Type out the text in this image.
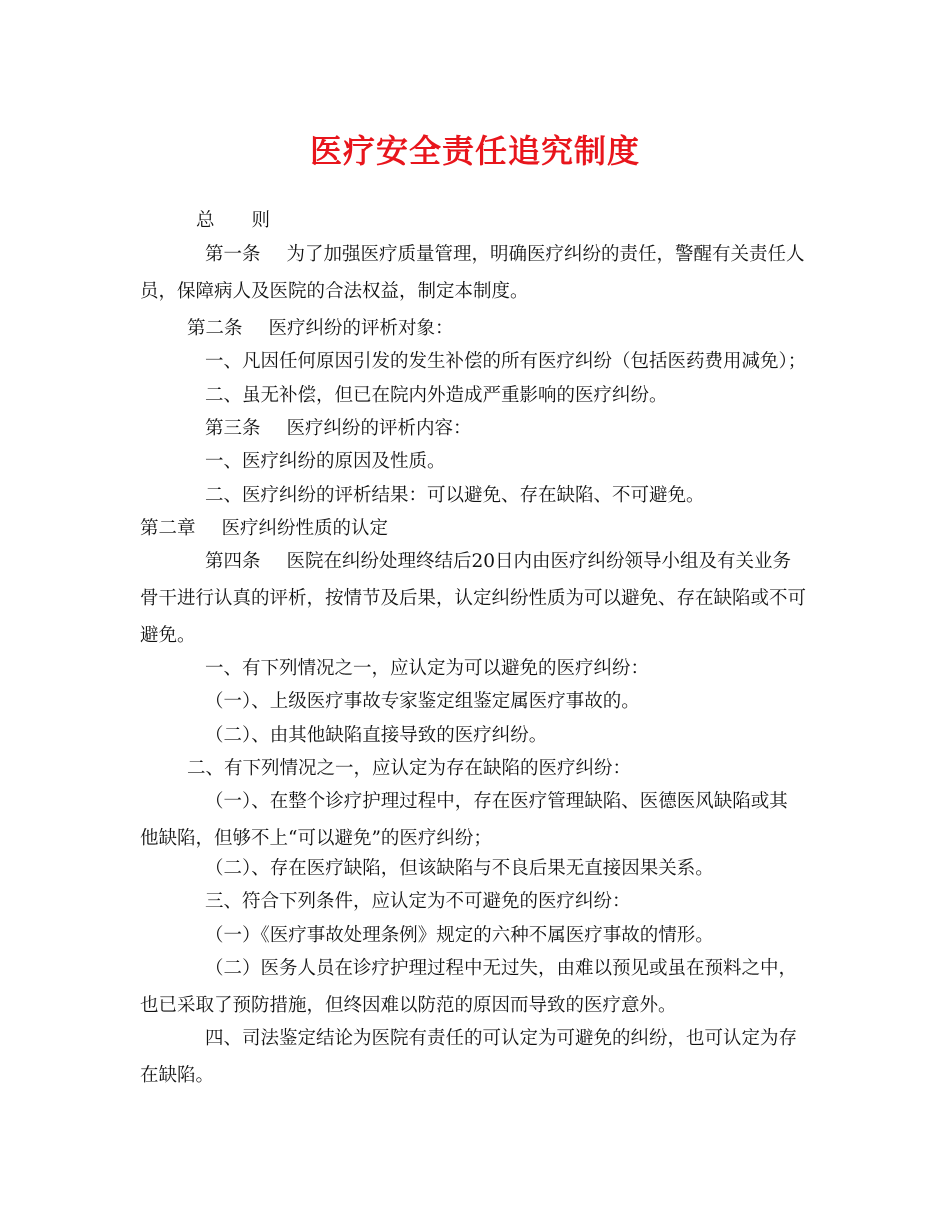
医疗安全责任追究制度
总　　则
第一条 为了加强医疗质量管理，明确医疗纠纷的责任，警醒有关责任人
员，保障病人及医院的合法权益，制定本制度。
第二条 医疗纠纷的评析对象：
一、凡因任何原因引发的发生补偿的所有医疗纠纷（包括医药费用减免）；
二、虽无补偿，但已在院内外造成严重影响的医疗纠纷。
第三条 医疗纠纷的评析内容：
一、医疗纠纷的原因及性质。
二、医疗纠纷的评析结果：可以避免、存在缺陷、不可避免。
第二章 医疗纠纷性质的认定
第四条 医院在纠纷处理终结后20日内由医疗纠纷领导小组及有关业务
骨干进行认真的评析，按情节及后果，认定纠纷性质为可以避免、存在缺陷或不可
避免。
一、有下列情况之一，应认定为可以避免的医疗纠纷：
（一）、上级医疗事故专家鉴定组鉴定属医疗事故的。
（二）、由其他缺陷直接导致的医疗纠纷。
二、有下列情况之一，应认定为存在缺陷的医疗纠纷：
（一）、在整个诊疗护理过程中，存在医疗管理缺陷、医德医风缺陷或其
他缺陷，但够不上“可以避免”的医疗纠纷；
（二）、存在医疗缺陷，但该缺陷与不良后果无直接因果关系。
三、符合下列条件，应认定为不可避免的医疗纠纷：
（一）《医疗事故处理条例》规定的六种不属医疗事故的情形。
（二）医务人员在诊疗护理过程中无过失，由难以预见或虽在预料之中，
也已采取了预防措施，但终因难以防范的原因而导致的医疗意外。
四、司法鉴定结论为医院有责任的可认定为可避免的纠纷，也可认定为存
在缺陷。
